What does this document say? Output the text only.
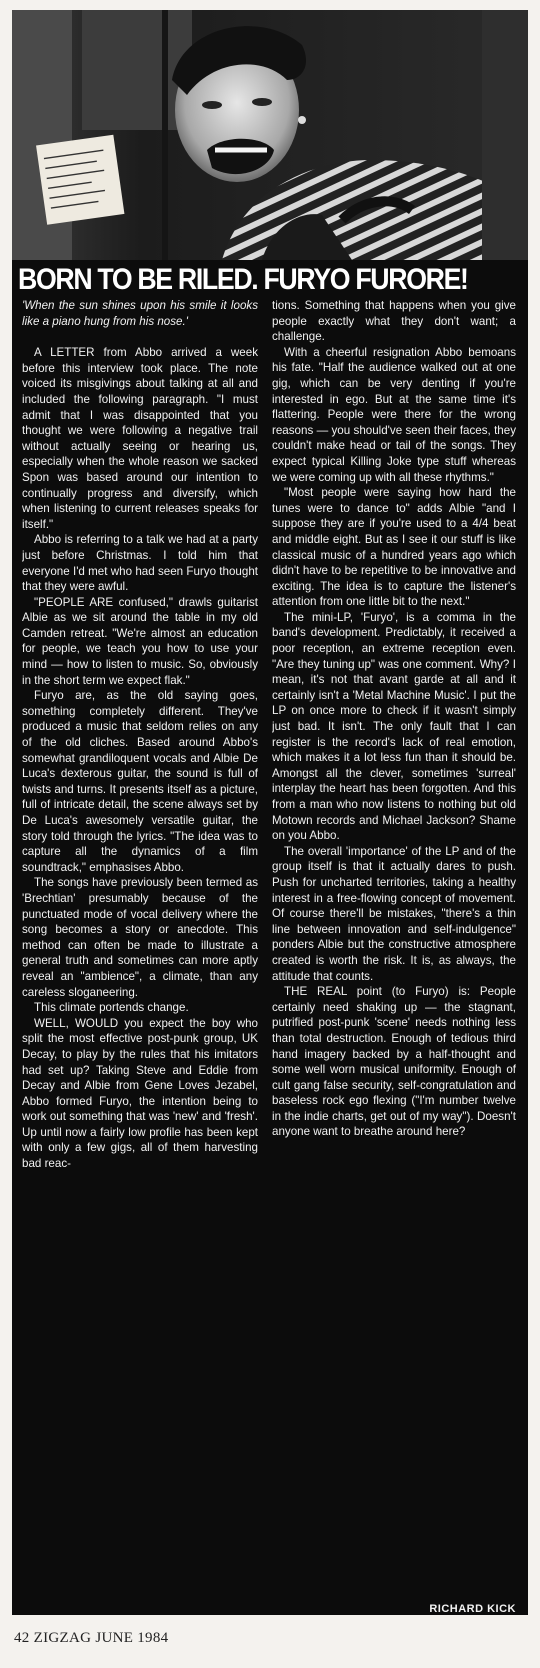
BORN TO BE RILED. FURYO FURORE!

'When the sun shines upon his smile it looks like a piano hung from his nose.'

A LETTER from Abbo arrived a week before this interview took place. The note voiced its misgivings about talking at all and included the following paragraph. "I must admit that I was disappointed that you thought we were following a negative trail without actually seeing or hearing us, especially when the whole reason we sacked Spon was based around our intention to continually progress and diversify, which when listening to current releases speaks for itself."

Abbo is referring to a talk we had at a party just before Christmas. I told him that everyone I'd met who had seen Furyo thought that they were awful.

"PEOPLE ARE confused," drawls guitarist Albie as we sit around the table in my old Camden retreat. "We're almost an education for people, we teach you how to use your mind — how to listen to music. So, obviously in the short term we expect flak."

Furyo are, as the old saying goes, something completely different. They've produced a music that seldom relies on any of the old cliches. Based around Abbo's somewhat grandiloquent vocals and Albie De Luca's dexterous guitar, the sound is full of twists and turns. It presents itself as a picture, full of intricate detail, the scene always set by De Luca's awesomely versatile guitar, the story told through the lyrics. "The idea was to capture all the dynamics of a film soundtrack," emphasises Abbo.

The songs have previously been termed as 'Brechtian' presumably because of the punctuated mode of vocal delivery where the song becomes a story or anecdote. This method can often be made to illustrate a general truth and sometimes can more aptly reveal an "ambience", a climate, than any careless sloganeering.

This climate portends change.

WELL, WOULD you expect the boy who split the most effective post-punk group, UK Decay, to play by the rules that his imitators had set up? Taking Steve and Eddie from Decay and Albie from Gene Loves Jezabel, Abbo formed Furyo, the intention being to work out something that was 'new' and 'fresh'. Up until now a fairly low profile has been kept with only a few gigs, all of them harvesting bad reac-

tions. Something that happens when you give people exactly what they don't want; a challenge.

With a cheerful resignation Abbo bemoans his fate. "Half the audience walked out at one gig, which can be very denting if you're interested in ego. But at the same time it's flattering. People were there for the wrong reasons — you should've seen their faces, they couldn't make head or tail of the songs. They expect typical Killing Joke type stuff whereas we were coming up with all these rhythms."

"Most people were saying how hard the tunes were to dance to" adds Albie "and I suppose they are if you're used to a 4/4 beat and middle eight. But as I see it our stuff is like classical music of a hundred years ago which didn't have to be repetitive to be innovative and exciting. The idea is to capture the listener's attention from one little bit to the next."

The mini-LP, 'Furyo', is a comma in the band's development. Predictably, it received a poor reception, an extreme reception even. "Are they tuning up" was one comment. Why? I mean, it's not that avant garde at all and it certainly isn't a 'Metal Machine Music'. I put the LP on once more to check if it wasn't simply just bad. It isn't. The only fault that I can register is the record's lack of real emotion, which makes it a lot less fun than it should be. Amongst all the clever, sometimes 'surreal' interplay the heart has been forgotten. And this from a man who now listens to nothing but old Motown records and Michael Jackson? Shame on you Abbo.

The overall 'importance' of the LP and of the group itself is that it actually dares to push. Push for uncharted territories, taking a healthy interest in a free-flowing concept of movement. Of course there'll be mistakes, "there's a thin line between innovation and self-indulgence" ponders Albie but the constructive atmosphere created is worth the risk. It is, as always, the attitude that counts.

THE REAL point (to Furyo) is: People certainly need shaking up — the stagnant, putrified post-punk 'scene' needs nothing less than total destruction. Enough of tedious third hand imagery backed by a half-thought and some well worn musical uniformity. Enough of cult gang false security, self-congratulation and baseless rock ego flexing ("I'm number twelve in the indie charts, get out of my way"). Doesn't anyone want to breathe around here?

RICHARD KICK
42 ZIGZAG JUNE 1984
